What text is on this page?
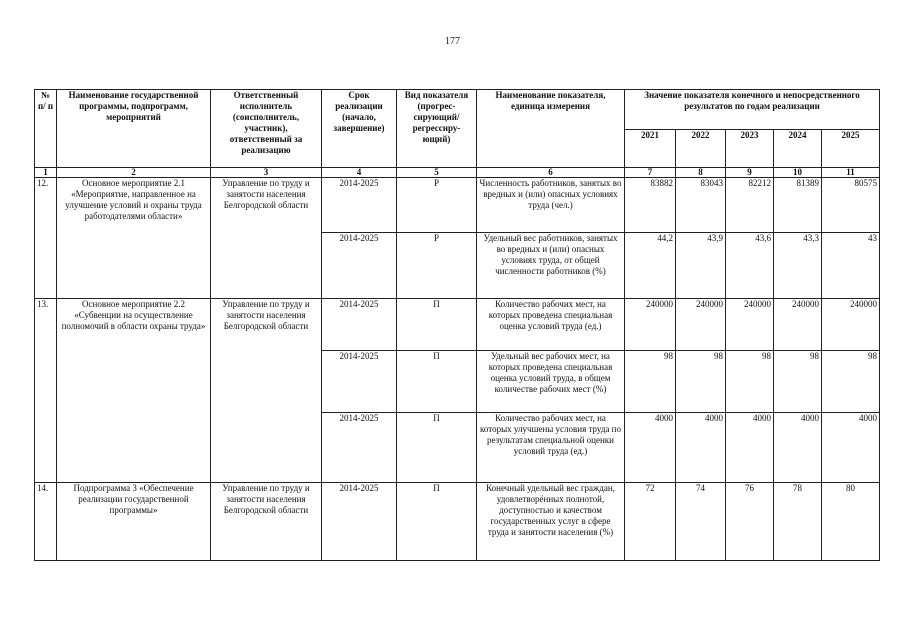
177
№ п/ п	Наименование государственной программы, подпрограмм, мероприятий	Ответственный исполнитель (соисполнитель, участник), ответственный за реализацию	Срок реализации (начало, завершение)	Вид показателя (прогрес-сирующий/ регрессиру-ющий)	Наименование показателя, единица измерения	Значение показателя конечного и непосредственного результатов по годам реализации				
						2021	2022	2023	2024	2025
1	2	3	4	5	6	7	8	9	10	11
12.	Основное мероприятие 2.1 «Мероприятие, направленное на улучшение условий и охраны труда работодателями области»	Управление по труду и занятости населения Белгородской области	2014-2025	Р	Численность работников, занятых во вредных и (или) опасных условиях труда (чел.)	83882	83043	82212	81389	80575
			2014-2025	Р	Удельный вес работников, занятых во вредных и (или) опасных условиях труда, от общей численности работников (%)	44,2	43,9	43,6	43,3	43
13.	Основное мероприятие 2.2 «Субвенции на осуществление полномочий в области охраны труда»	Управление по труду и занятости населения Белгородской области	2014-2025	П	Количество рабочих мест, на которых проведена специальная оценка условий труда (ед.)	240000	240000	240000	240000	240000
			2014-2025	П	Удельный вес рабочих мест, на которых проведена специальная оценка условий труда, в общем количестве рабочих мест (%)	98	98	98	98	98
			2014-2025	П	Количество рабочих мест, на которых улучшены условия труда по результатам специальной оценки условий труда (ед.)	4000	4000	4000	4000	4000
14.	Подпрограмма 3 «Обеспечение реализации государственной программы»	Управление по труду и занятости населения Белгородской области	2014-2025	П	Конечный удельный вес граждан, удовлетворённых полнотой, доступностью и качеством государственных услуг в сфере труда и занятости населения (%)	72	74	76	78	80
